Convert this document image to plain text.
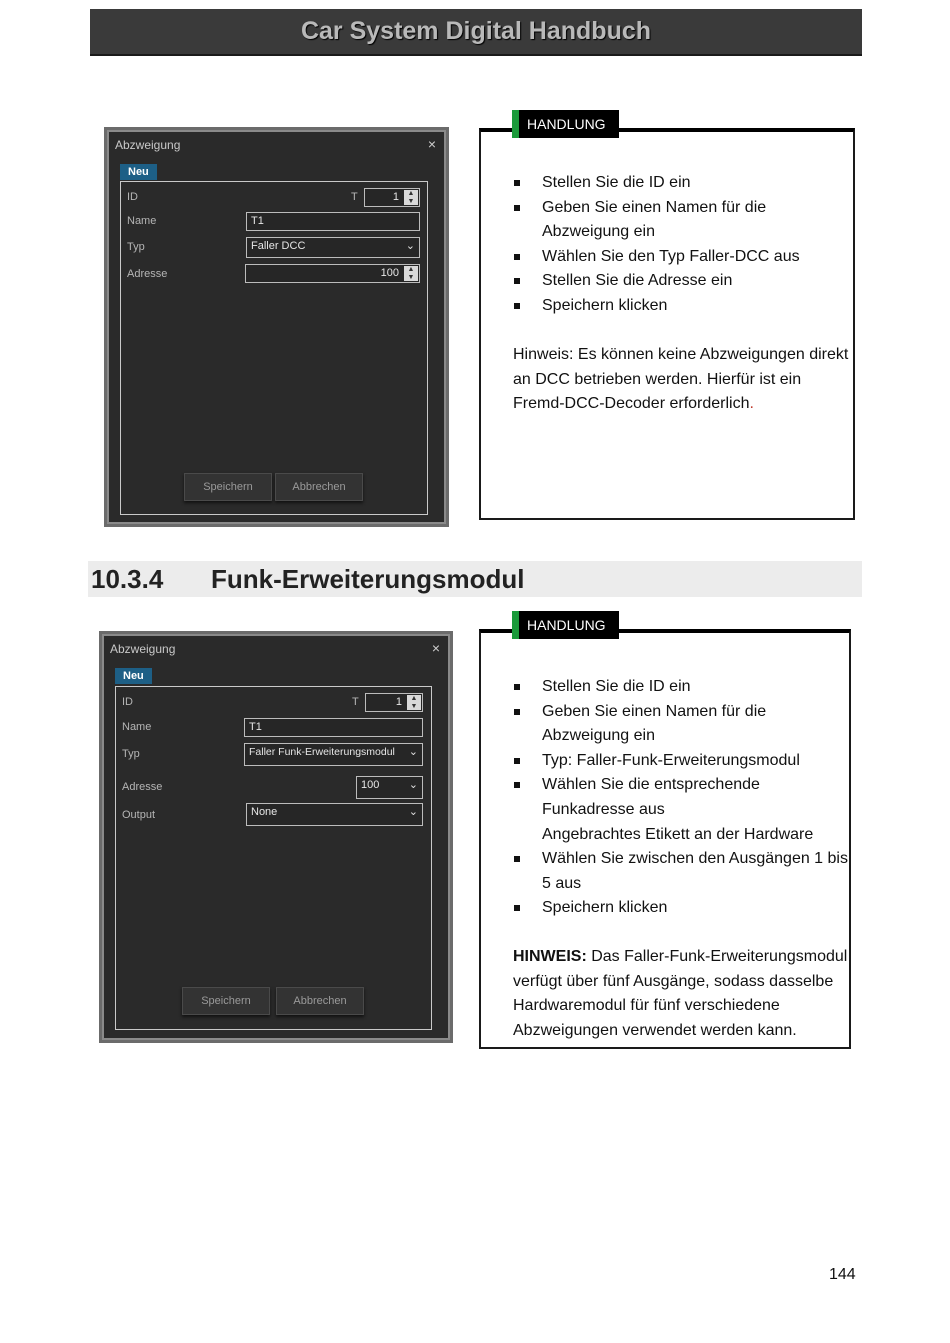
Car System Digital Handbuch
Abzweigung	×
Neu
ID	T	1	▲
▼
Name	T1
Typ	Faller DCC	⌄
Adresse	100	▲
▼
Speichern	Abbrechen
Stellen Sie die ID ein
Geben Sie einen Namen für die
Abzweigung ein
Wählen Sie den Typ Faller-DCC aus
Stellen Sie die Adresse ein
Speichern klicken
Hinweis: Es können keine Abzweigungen direkt
an DCC betrieben werden. Hierfür ist ein
Fremd-DCC-Decoder erforderlich.
HANDLUNG
10.3.4 Funk-Erweiterungsmodul
Abzweigung	×
Neu
ID	T	1	▲
▼
Name	T1
Typ	Faller Funk-Erweiterungsmodul ⌄
Adresse	100	⌄
Output	None	⌄
Speichern	Abbrechen
Stellen Sie die ID ein
Geben Sie einen Namen für die
Abzweigung ein
Typ: Faller-Funk-Erweiterungsmodul
Wählen Sie die entsprechende
Funkadresse aus
Angebrachtes Etikett an der Hardware
Wählen Sie zwischen den Ausgängen 1 bis
5 aus
Speichern klicken
HINWEIS: Das Faller-Funk-Erweiterungsmodul
verfügt über fünf Ausgänge, sodass dasselbe
Hardwaremodul für fünf verschiedene
Abzweigungen verwendet werden kann.
HANDLUNG
144
